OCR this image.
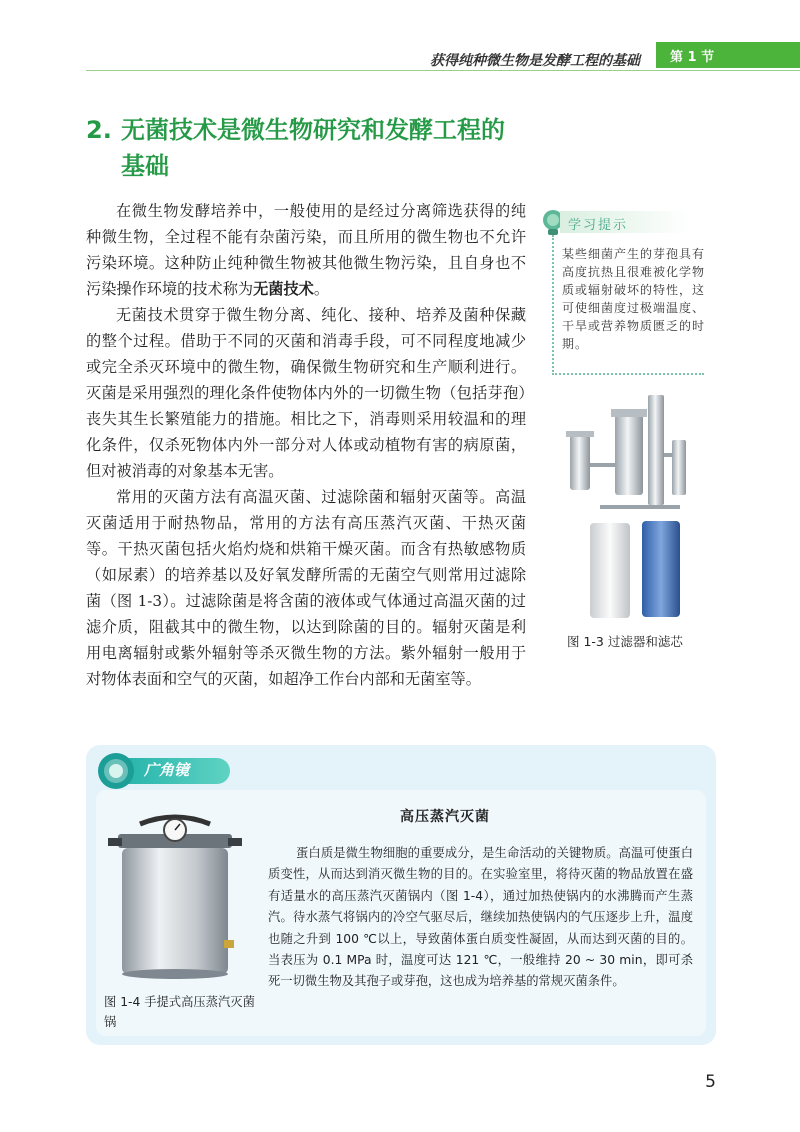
获得纯种微生物是发酵工程的基础 第 1 节
2. 无菌技术是微生物研究和发酵工程的
基础

在微生物发酵培养中，一般使用的是经过分离筛选获得的纯种微生物，全过程不能有杂菌污染，而且所用的微生物也不允许污染环境。这种防止纯种微生物被其他微生物污染，且自身也不污染操作环境的技术称为无菌技术。

无菌技术贯穿于微生物分离、纯化、接种、培养及菌种保藏的整个过程。借助于不同的灭菌和消毒手段，可不同程度地减少或完全杀灭环境中的微生物，确保微生物研究和生产顺利进行。灭菌是采用强烈的理化条件使物体内外的一切微生物（包括芽孢）丧失其生长繁殖能力的措施。相比之下，消毒则采用较温和的理化条件，仅杀死物体内外一部分对人体或动植物有害的病原菌，但对被消毒的对象基本无害。

常用的灭菌方法有高温灭菌、过滤除菌和辐射灭菌等。高温灭菌适用于耐热物品，常用的方法有高压蒸汽灭菌、干热灭菌等。干热灭菌包括火焰灼烧和烘箱干燥灭菌。而含有热敏感物质（如尿素）的培养基以及好氧发酵所需的无菌空气则常用过滤除菌（图 1-3）。过滤除菌是将含菌的液体或气体通过高温灭菌的过滤介质，阻截其中的微生物，以达到除菌的目的。辐射灭菌是利用电离辐射或紫外辐射等杀灭微生物的方法。紫外辐射一般用于对物体表面和空气的灭菌，如超净工作台内部和无菌室等。

学习提示
某些细菌产生的芽孢具有高度抗热且很难被化学物质或辐射破坏的特性，这可使细菌度过极端温度、干旱或营养物质匮乏的时期。
图 1-3 过滤器和滤芯
广角镜
高压蒸汽灭菌

蛋白质是微生物细胞的重要成分，是生命活动的关键物质。高温可使蛋白质变性，从而达到消灭微生物的目的。在实验室里，将待灭菌的物品放置在盛有适量水的高压蒸汽灭菌锅内（图 1-4），通过加热使锅内的水沸腾而产生蒸汽。待水蒸气将锅内的冷空气驱尽后，继续加热使锅内的气压逐步上升，温度也随之升到 100 ℃以上，导致菌体蛋白质变性凝固，从而达到灭菌的目的。当表压为 0.1 MPa 时，温度可达 121 ℃，一般维持 20 ~ 30 min，即可杀死一切微生物及其孢子或芽孢，这也成为培养基的常规灭菌条件。

图 1-4 手提式高压蒸汽灭菌锅
5
